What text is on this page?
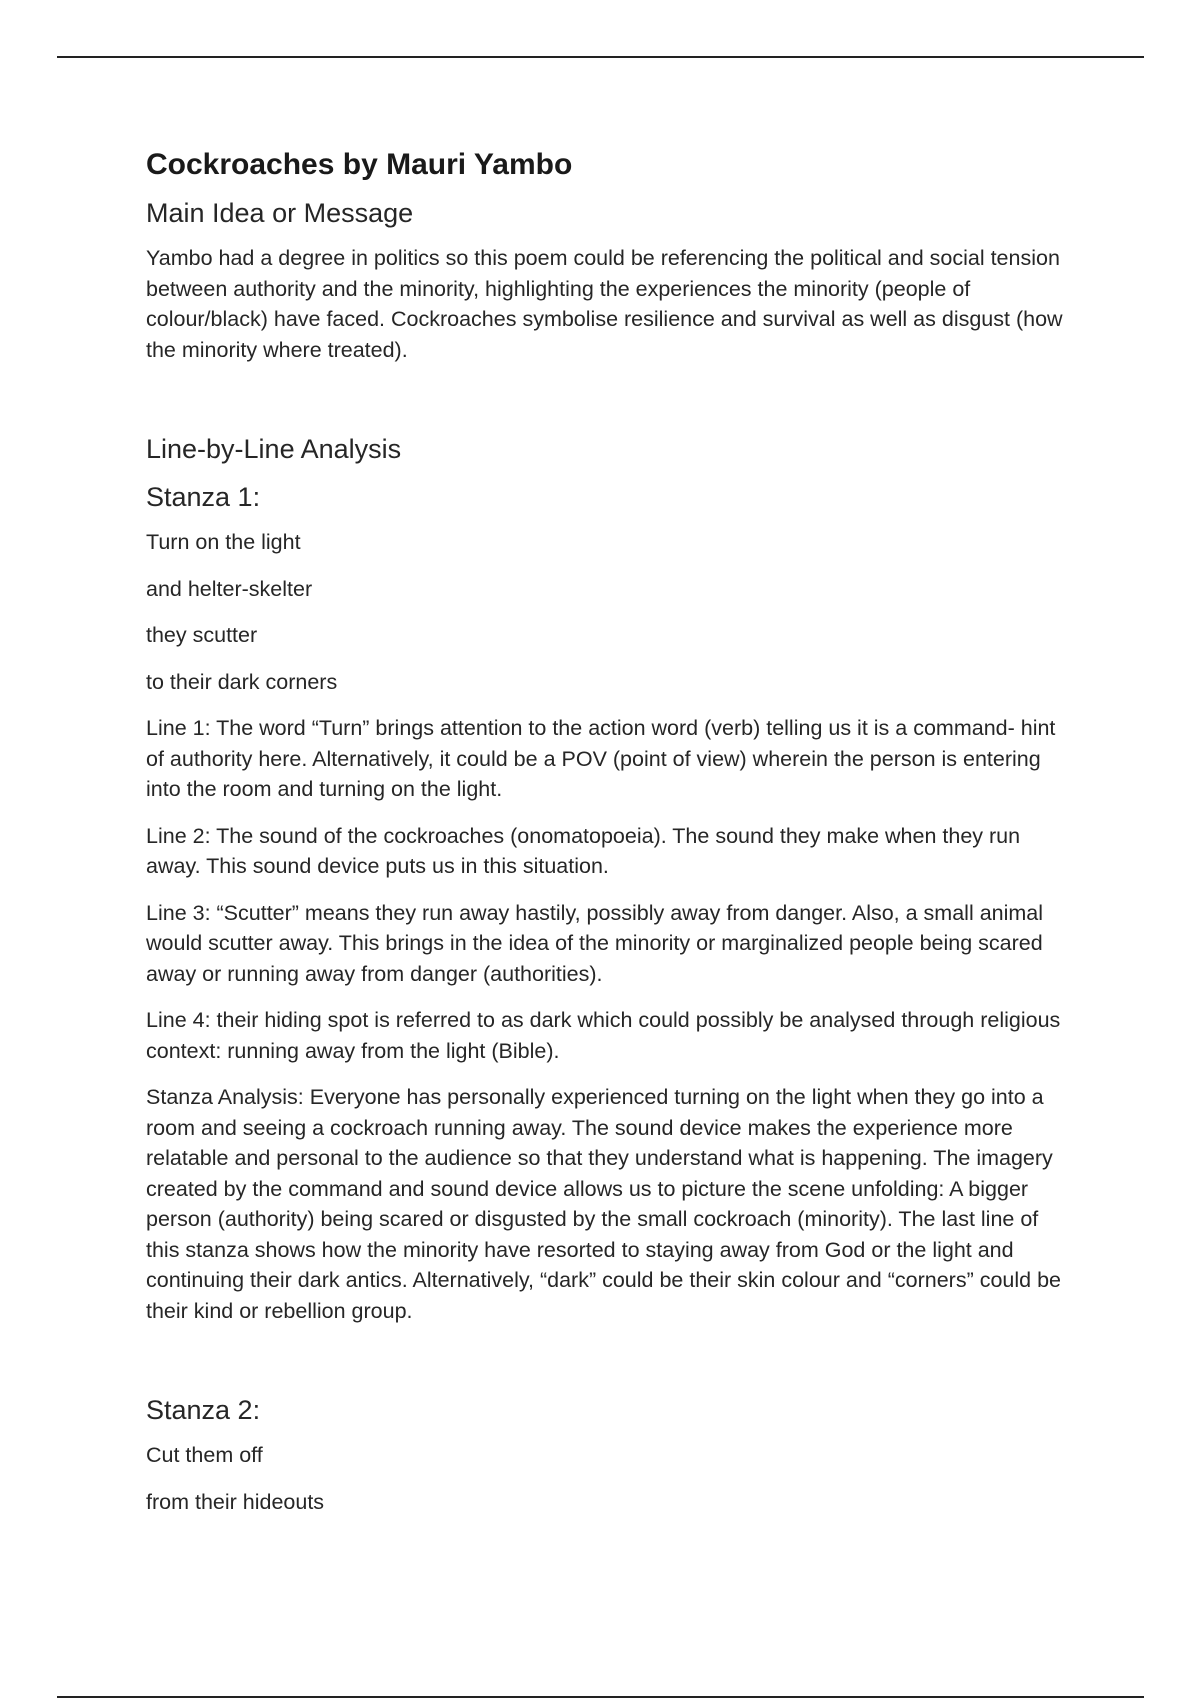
Cockroaches by Mauri Yambo
Main Idea or Message
Yambo had a degree in politics so this poem could be referencing the political and social tension between authority and the minority, highlighting the experiences the minority (people of colour/black) have faced. Cockroaches symbolise resilience and survival as well as disgust (how the minority where treated).
Line-by-Line Analysis
Stanza 1:
Turn on the light
and helter-skelter
they scutter
to their dark corners
Line 1: The word “Turn” brings attention to the action word (verb) telling us it is a command- hint of authority here. Alternatively, it could be a POV (point of view) wherein the person is entering into the room and turning on the light.
Line 2: The sound of the cockroaches (onomatopoeia). The sound they make when they run away. This sound device puts us in this situation.
Line 3: “Scutter” means they run away hastily, possibly away from danger. Also, a small animal would scutter away. This brings in the idea of the minority or marginalized people being scared away or running away from danger (authorities).
Line 4: their hiding spot is referred to as dark which could possibly be analysed through religious context: running away from the light (Bible).
Stanza Analysis: Everyone has personally experienced turning on the light when they go into a room and seeing a cockroach running away. The sound device makes the experience more relatable and personal to the audience so that they understand what is happening. The imagery created by the command and sound device allows us to picture the scene unfolding: A bigger person (authority) being scared or disgusted by the small cockroach (minority). The last line of this stanza shows how the minority have resorted to staying away from God or the light and continuing their dark antics. Alternatively, “dark” could be their skin colour and “corners” could be their kind or rebellion group.
Stanza 2:
Cut them off
from their hideouts
